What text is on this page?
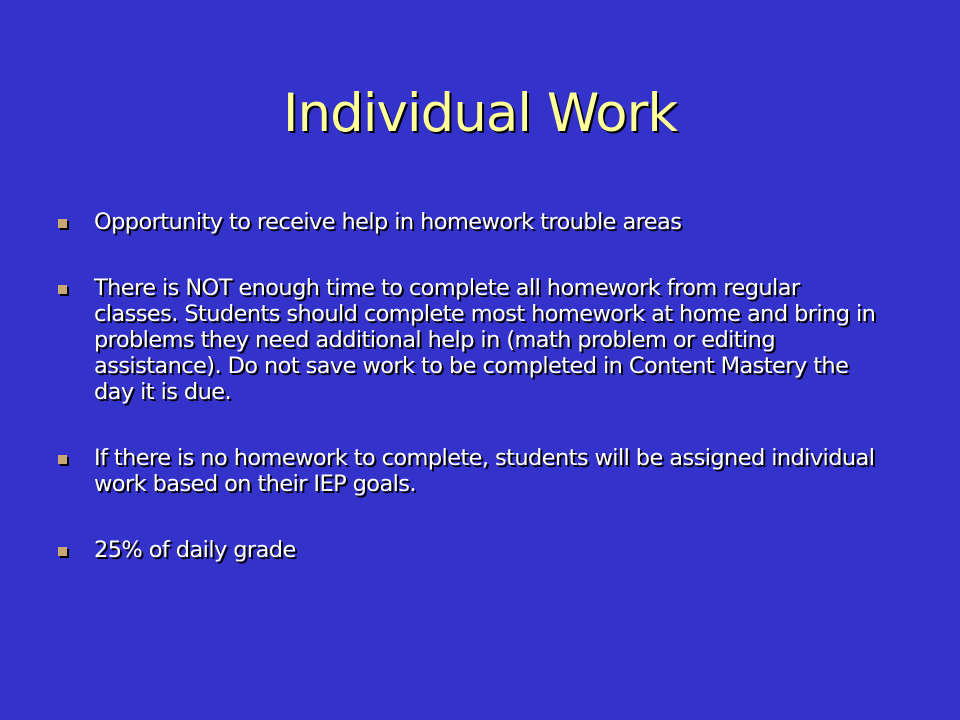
Individual Work
Opportunity to receive help in homework trouble areas
There is NOT enough time to complete all homework from regular classes. Students should complete most homework at home and bring in problems they need additional help in (math problem or editing assistance). Do not save work to be completed in Content Mastery the day it is due.
If there is no homework to complete, students will be assigned individual work based on their IEP goals.
25% of daily grade
